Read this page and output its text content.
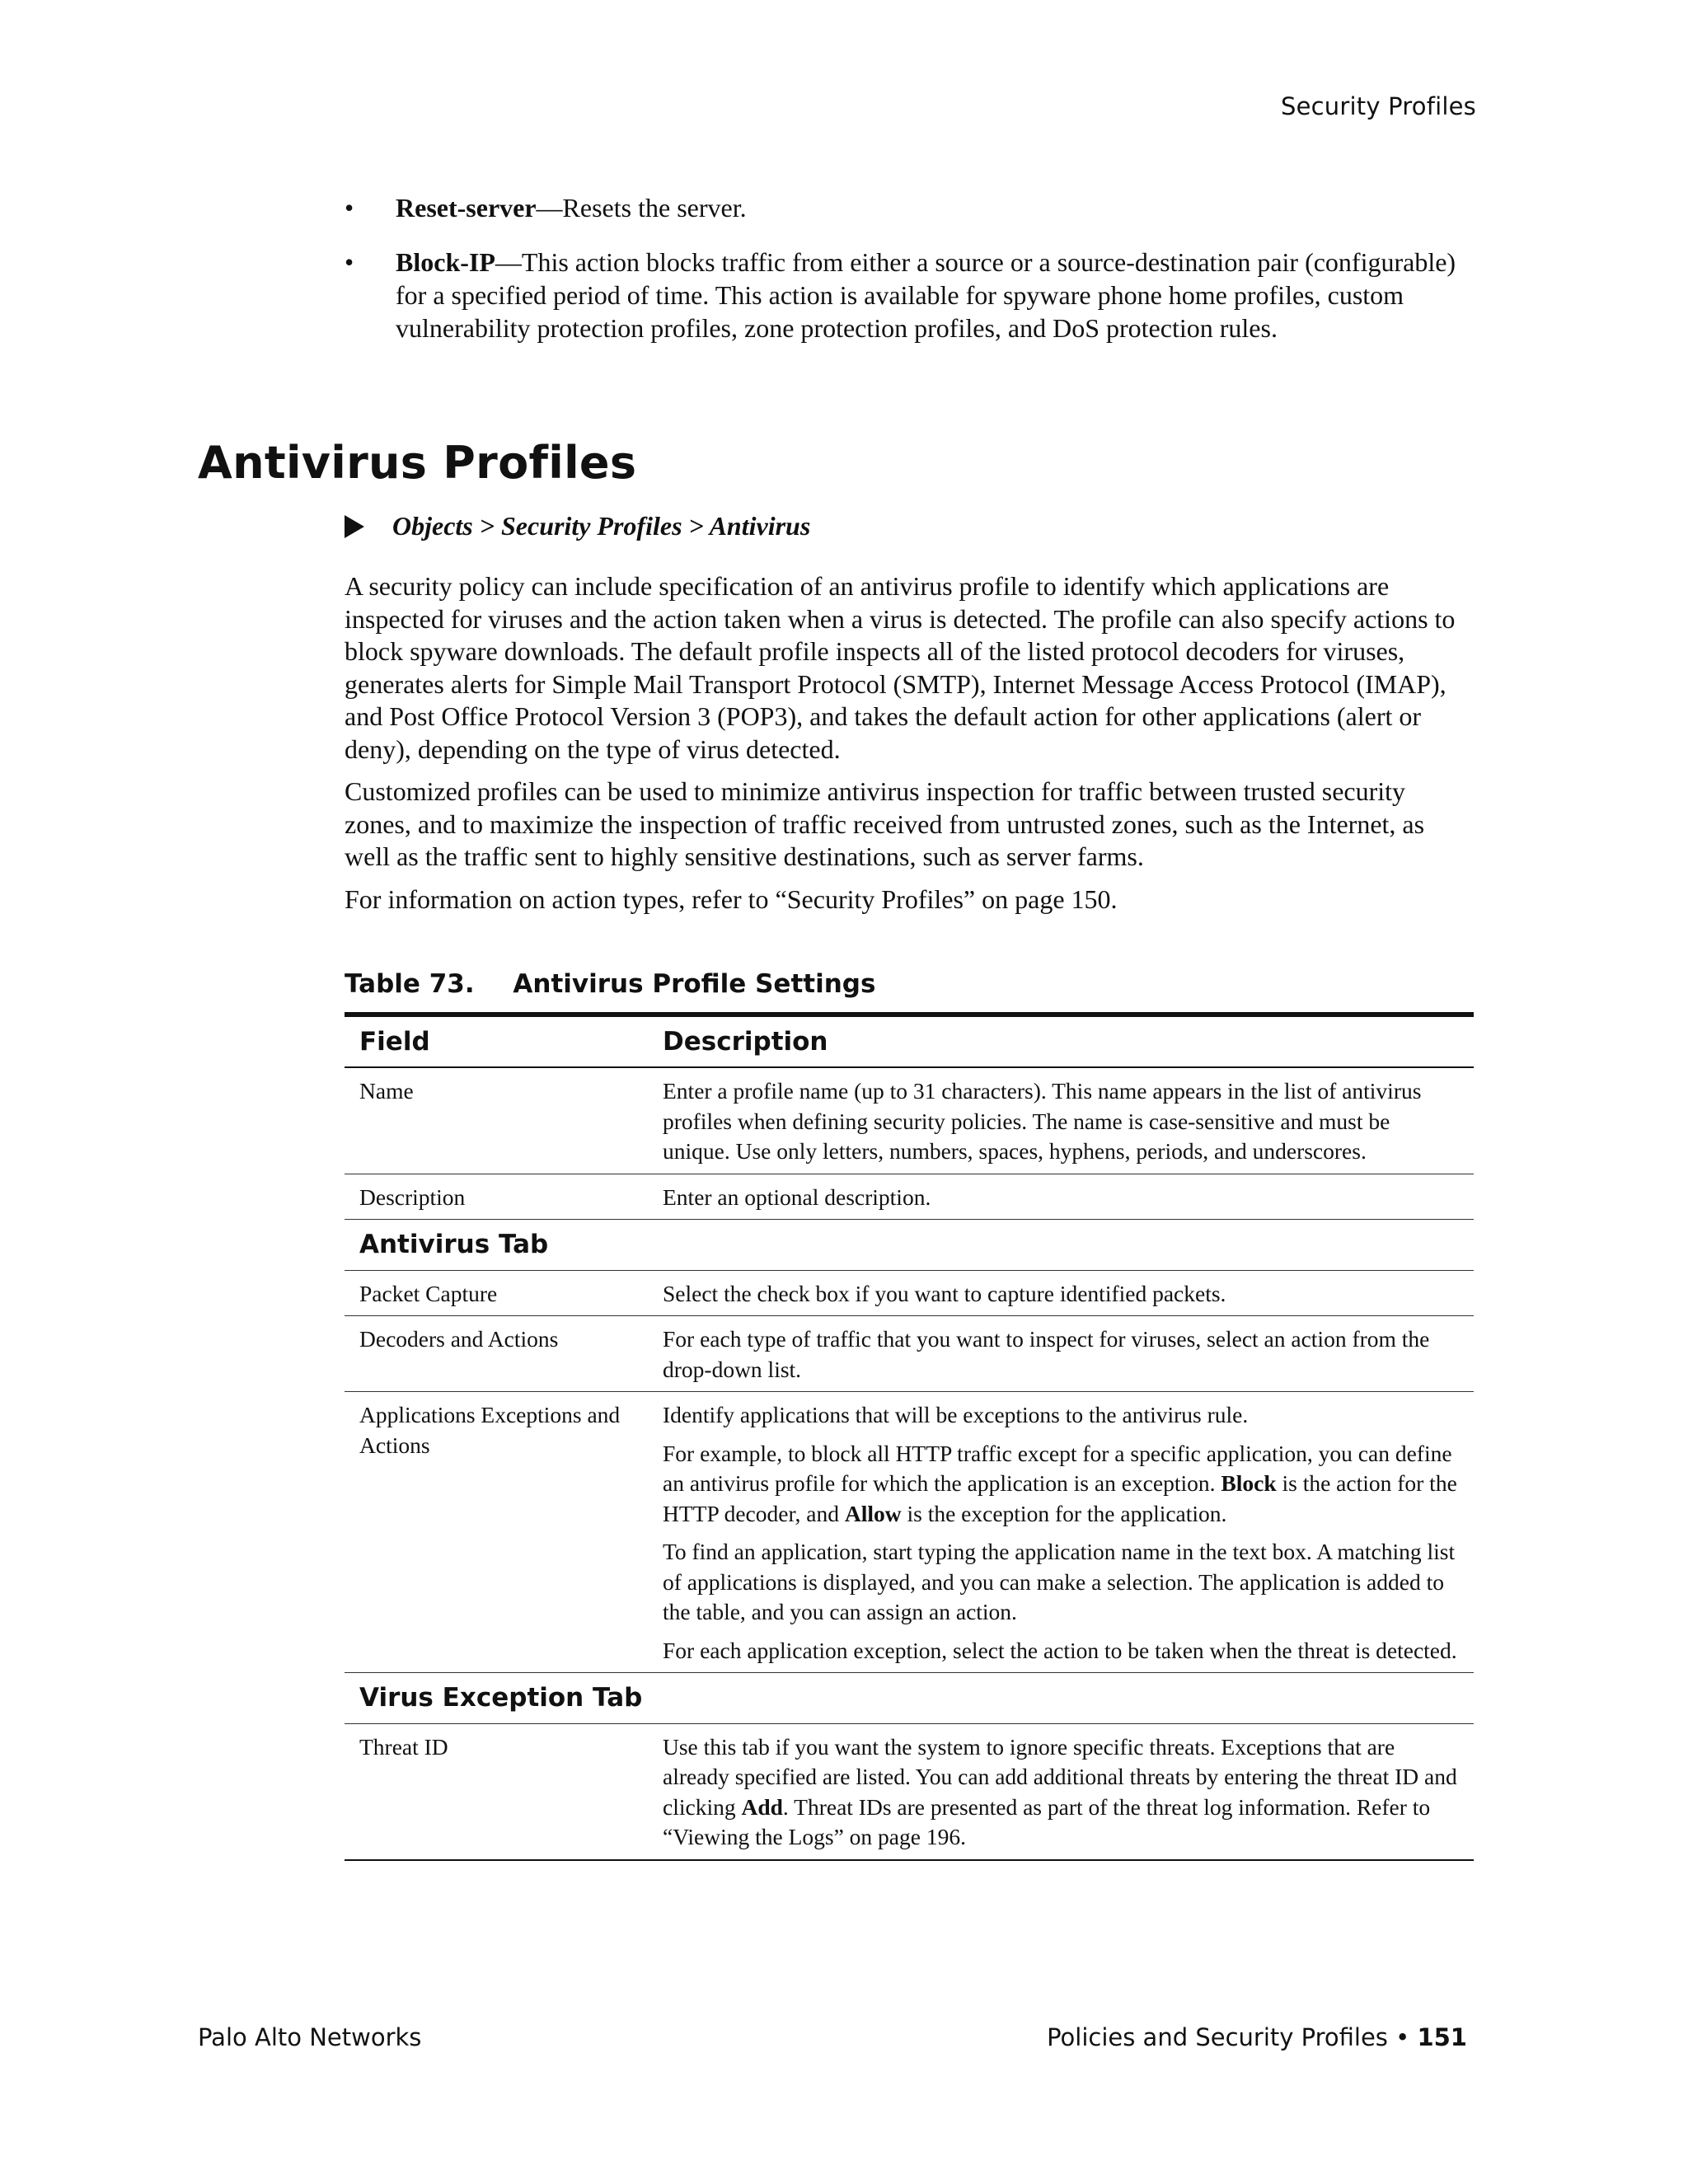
Security Profiles
• Reset-server—Resets the server.
• Block-IP—This action blocks traffic from either a source or a source-destination pair (configurable) for a specified period of time. This action is available for spyware phone home profiles, custom vulnerability protection profiles, zone protection profiles, and DoS protection rules.
Antivirus Profiles
Objects > Security Profiles > Antivirus

A security policy can include specification of an antivirus profile to identify which applications are inspected for viruses and the action taken when a virus is detected. The profile can also specify actions to block spyware downloads. The default profile inspects all of the listed protocol decoders for viruses, generates alerts for Simple Mail Transport Protocol (SMTP), Internet Message Access Protocol (IMAP), and Post Office Protocol Version 3 (POP3), and takes the default action for other applications (alert or deny), depending on the type of virus detected.

Customized profiles can be used to minimize antivirus inspection for traffic between trusted security zones, and to maximize the inspection of traffic received from untrusted zones, such as the Internet, as well as the traffic sent to highly sensitive destinations, such as server farms.

For information on action types, refer to “Security Profiles” on page 150.

Table 73. Antivirus Profile Settings
Field	Description
Name	Enter a profile name (up to 31 characters). This name appears in the list of antivirus profiles when defining security policies. The name is case-sensitive and must be unique. Use only letters, numbers, spaces, hyphens, periods, and underscores.
Description	Enter an optional description.
Antivirus Tab	
Packet Capture	Select the check box if you want to capture identified packets.
Decoders and Actions	For each type of traffic that you want to inspect for viruses, select an action from the drop-down list.
Applications Exceptions and Actions	Identify applications that will be exceptions to the antivirus rule.

For example, to block all HTTP traffic except for a specific application, you can define an antivirus profile for which the application is an exception. Block is the action for the HTTP decoder, and Allow is the exception for the application.

To find an application, start typing the application name in the text box. A matching list of applications is displayed, and you can make a selection. The application is added to the table, and you can assign an action.

For each application exception, select the action to be taken when the threat is detected.

Virus Exception Tab	
Threat ID	Use this tab if you want the system to ignore specific threats. Exceptions that are already specified are listed. You can add additional threats by entering the threat ID and clicking Add. Threat IDs are presented as part of the threat log information. Refer to “Viewing the Logs” on page 196.
Palo Alto Networks	Policies and Security Profiles • 151
